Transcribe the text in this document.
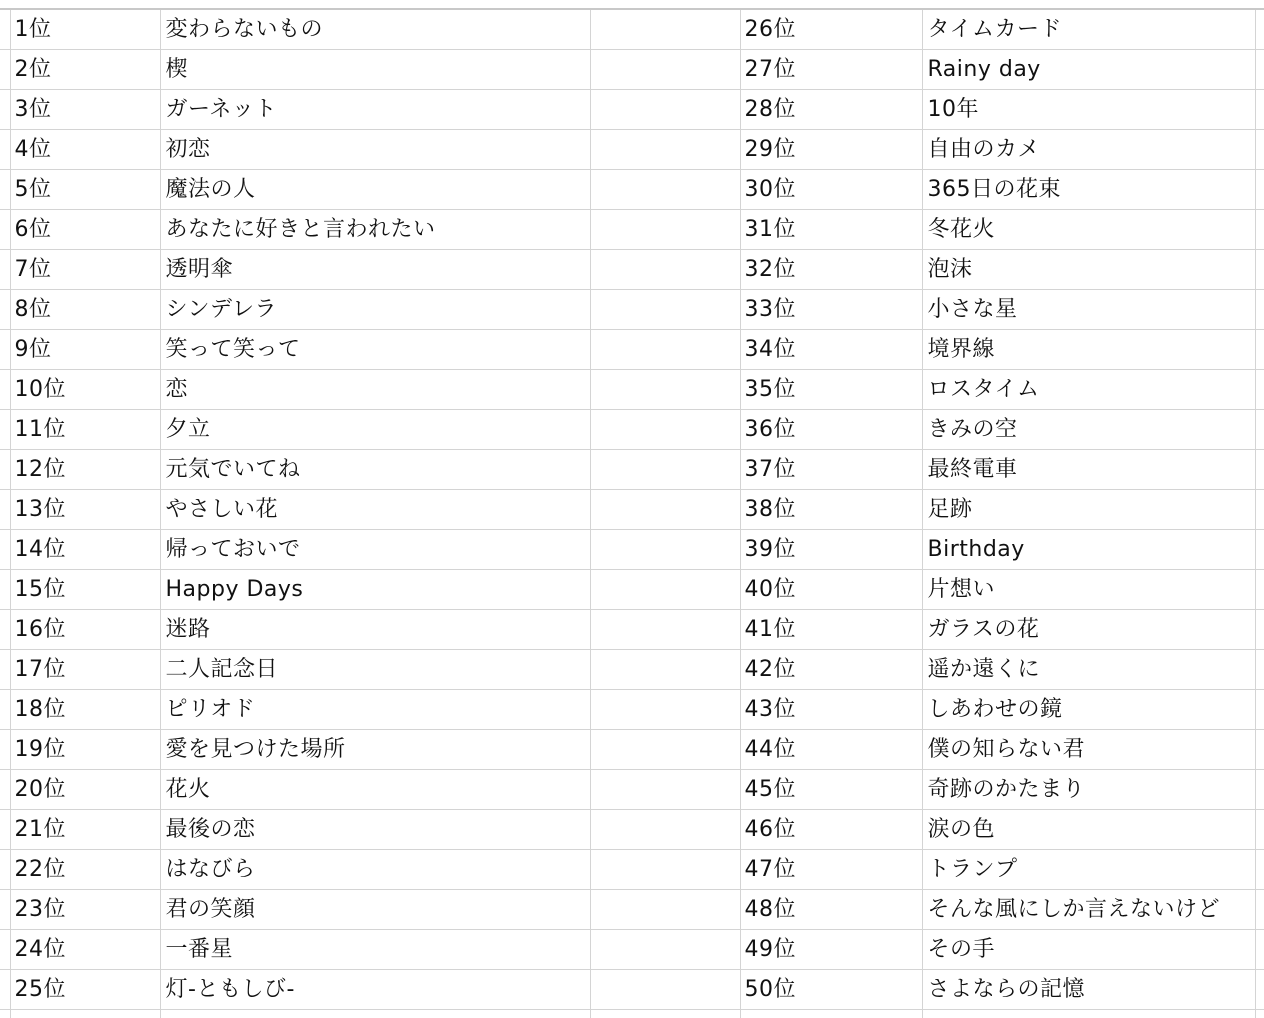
	1位	変わらないもの		26位	タイムカード	
	2位	楔		27位	Rainy day	
	3位	ガーネット		28位	10年	
	4位	初恋		29位	自由のカメ	
	5位	魔法の人		30位	365日の花束	
	6位	あなたに好きと言われたい		31位	冬花火	
	7位	透明傘		32位	泡沫	
	8位	シンデレラ		33位	小さな星	
	9位	笑って笑って		34位	境界線	
	10位	恋		35位	ロスタイム	
	11位	夕立		36位	きみの空	
	12位	元気でいてね		37位	最終電車	
	13位	やさしい花		38位	足跡	
	14位	帰っておいで		39位	Birthday	
	15位	Happy Days		40位	片想い	
	16位	迷路		41位	ガラスの花	
	17位	二人記念日		42位	遥か遠くに	
	18位	ピリオド		43位	しあわせの鏡	
	19位	愛を見つけた場所		44位	僕の知らない君	
	20位	花火		45位	奇跡のかたまり	
	21位	最後の恋		46位	涙の色	
	22位	はなびら		47位	トランプ	
	23位	君の笑顔		48位	そんな風にしか言えないけど	
	24位	一番星		49位	その手	
	25位	灯-ともしび-		50位	さよならの記憶	
